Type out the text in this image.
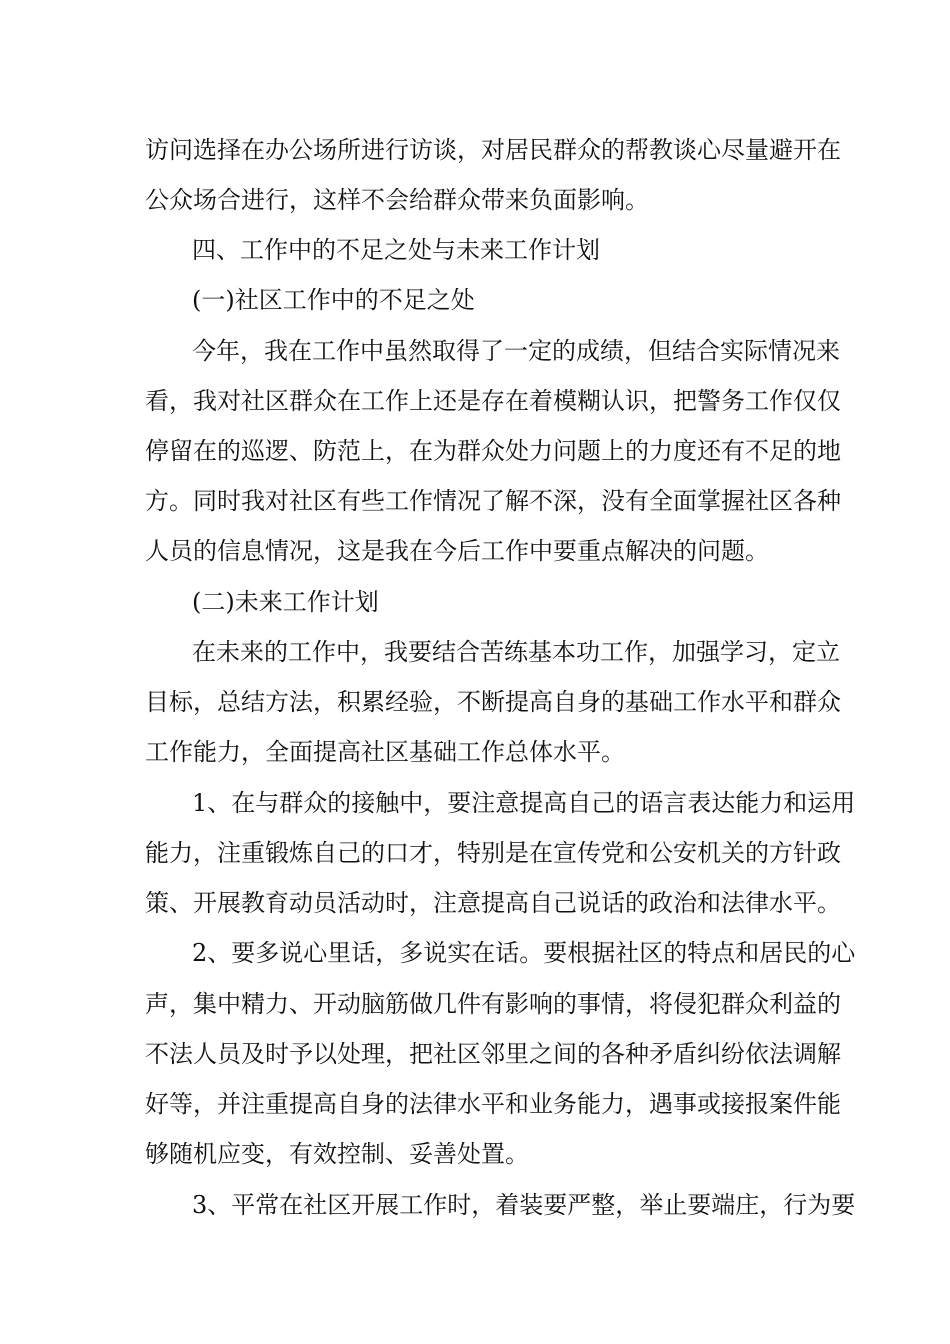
访问选择在办公场所进行访谈，对居民群众的帮教谈心尽量避开在
公众场合进行，这样不会给群众带来负面影响。
四、工作中的不足之处与未来工作计划
(一)社区工作中的不足之处
今年，我在工作中虽然取得了一定的成绩，但结合实际情况来
看，我对社区群众在工作上还是存在着模糊认识，把警务工作仅仅
停留在的巡逻、防范上，在为群众处力问题上的力度还有不足的地
方。同时我对社区有些工作情况了解不深，没有全面掌握社区各种
人员的信息情况，这是我在今后工作中要重点解决的问题。
(二)未来工作计划
在未来的工作中，我要结合苦练基本功工作，加强学习，定立
目标，总结方法，积累经验，不断提高自身的基础工作水平和群众
工作能力，全面提高社区基础工作总体水平。
1、在与群众的接触中，要注意提高自己的语言表达能力和运用
能力，注重锻炼自己的口才，特别是在宣传党和公安机关的方针政
策、开展教育动员活动时，注意提高自己说话的政治和法律水平。
2、要多说心里话，多说实在话。要根据社区的特点和居民的心
声，集中精力、开动脑筋做几件有影响的事情，将侵犯群众利益的
不法人员及时予以处理，把社区邻里之间的各种矛盾纠纷依法调解
好等，并注重提高自身的法律水平和业务能力，遇事或接报案件能
够随机应变，有效控制、妥善处置。
3、平常在社区开展工作时，着装要严整，举止要端庄，行为要
